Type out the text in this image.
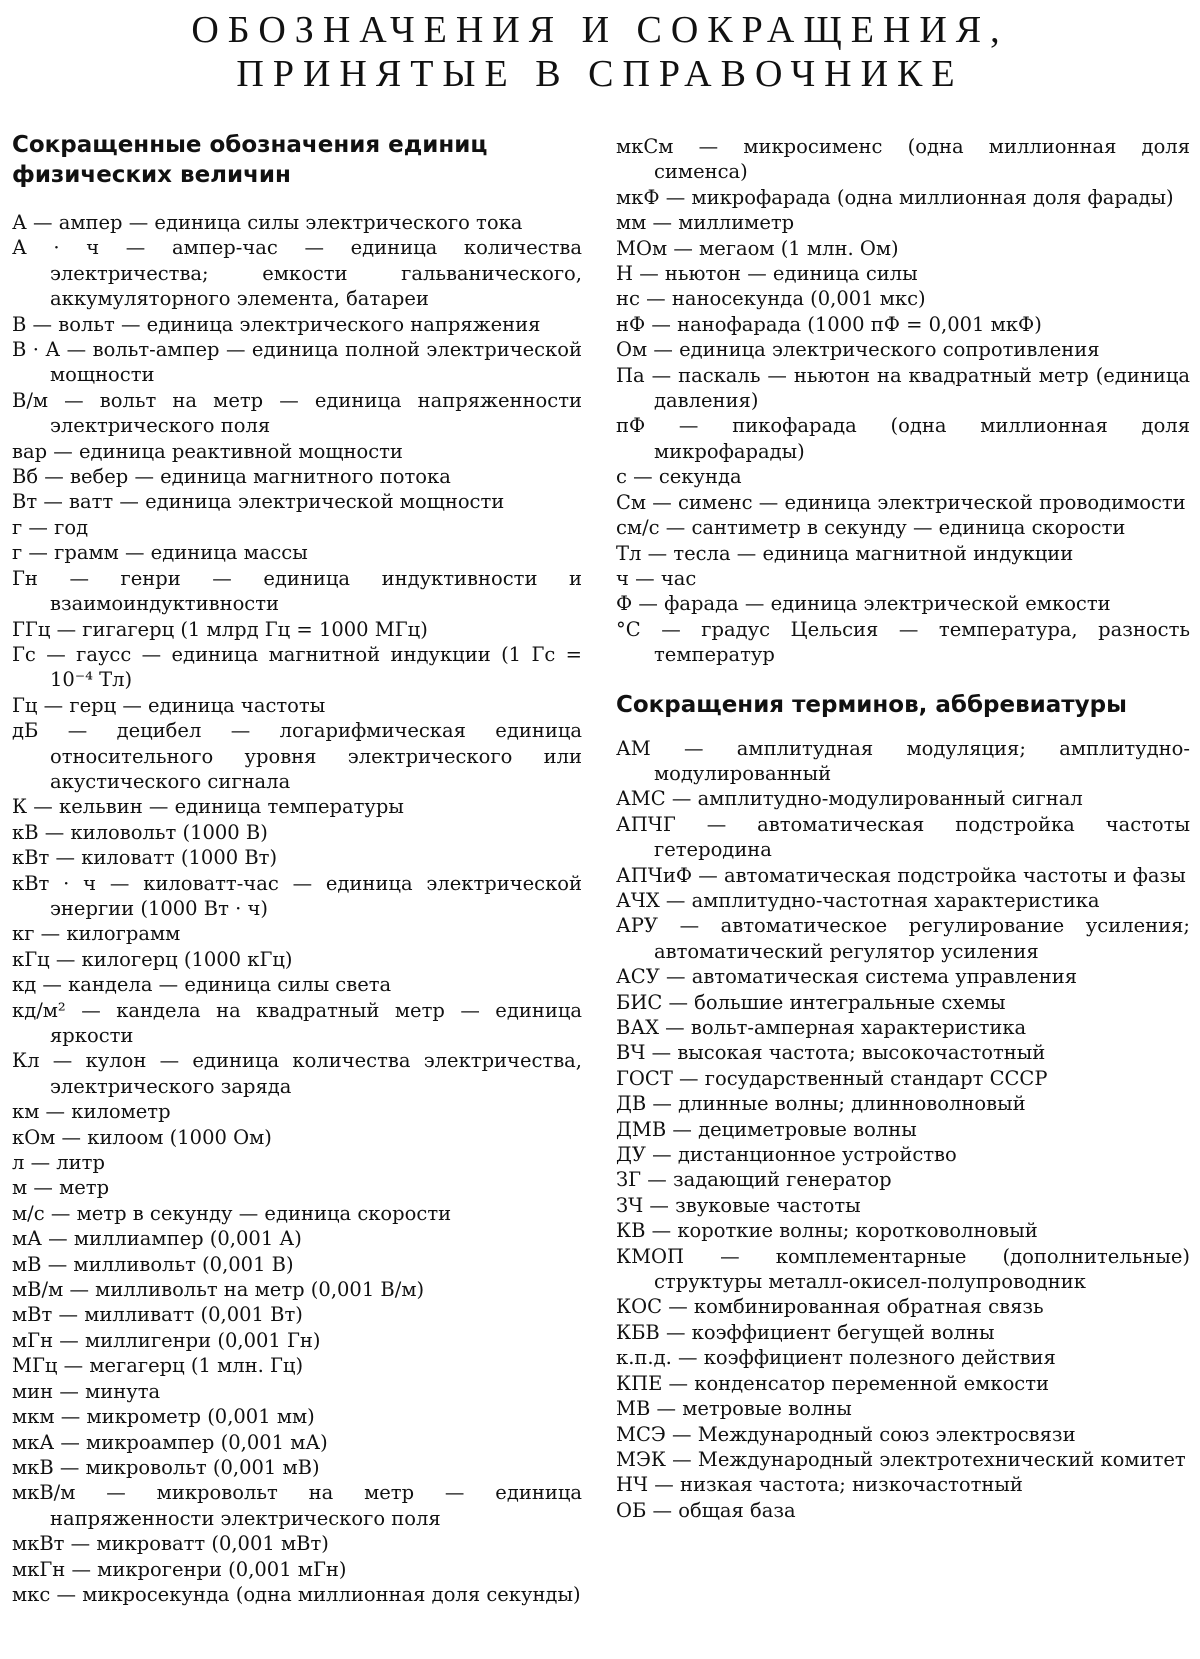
ОБОЗНАЧЕНИЯ И СОКРАЩЕНИЯ,
ПРИНЯТЫЕ В СПРАВОЧНИКЕ
Сокращенные обозначения единиц физических величин

А — ампер — единица силы электрического тока

А · ч — ампер-час — единица количества электричества; емкости гальванического, аккумуляторного элемента, батареи

В — вольт — единица электрического напряжения

В · А — вольт-ампер — единица полной электрической мощности

В/м — вольт на метр — единица напряженности электрического поля

вар — единица реактивной мощности

Вб — вебер — единица магнитного потока

Вт — ватт — единица электрической мощности

г — год

г — грамм — единица массы

Гн — генри — единица индуктивности и взаимоиндуктивности

ГГц — гигагерц (1 млрд Гц = 1000 МГц)

Гс — гаусс — единица магнитной индукции (1 Гс = 10⁻⁴ Тл)

Гц — герц — единица частоты

дБ — децибел — логарифмическая единица относительного уровня электрического или акустического сигнала

К — кельвин — единица температуры

кВ — киловольт (1000 В)

кВт — киловатт (1000 Вт)

кВт · ч — киловатт-час — единица электрической энергии (1000 Вт · ч)

кг — килограмм

кГц — килогерц (1000 кГц)

кд — кандела — единица силы света

кд/м² — кандела на квадратный метр — единица яркости

Кл — кулон — единица количества электричества, электрического заряда

км — километр

кОм — килоом (1000 Ом)

л — литр

м — метр

м/с — метр в секунду — единица скорости

мА — миллиампер (0,001 А)

мВ — милливольт (0,001 В)

мВ/м — милливольт на метр (0,001 В/м)

мВт — милливатт (0,001 Вт)

мГн — миллигенри (0,001 Гн)

МГц — мегагерц (1 млн. Гц)

мин — минута

мкм — микрометр (0,001 мм)

мкА — микроампер (0,001 мА)

мкВ — микровольт (0,001 мВ)

мкВ/м — микровольт на метр — единица напряженности электрического поля

мкВт — микроватт (0,001 мВт)

мкГн — микрогенри (0,001 мГн)

мкс — микросекунда (одна миллионная доля секунды)

мкСм — микросименс (одна миллионная доля сименса)

мкФ — микрофарада (одна миллионная доля фарады)

мм — миллиметр

МОм — мегаом (1 млн. Ом)

Н — ньютон — единица силы

нс — наносекунда (0,001 мкс)

нФ — нанофарада (1000 пФ = 0,001 мкФ)

Ом — единица электрического сопротивления

Па — паскаль — ньютон на квадратный метр (единица давления)

пФ — пикофарада (одна миллионная доля микрофарады)

с — секунда

См — сименс — единица электрической проводимости

см/с — сантиметр в секунду — единица скорости

Тл — тесла — единица магнитной индукции

ч — час

Ф — фарада — единица электрической емкости

°С — градус Цельсия — температура, разность температур

Сокращения терминов, аббревиатуры

АМ — амплитудная модуляция; амплитудно-модулированный

АМС — амплитудно-модулированный сигнал

АПЧГ — автоматическая подстройка частоты гетеродина

АПЧиФ — автоматическая подстройка частоты и фазы

АЧХ — амплитудно-частотная характеристика

АРУ — автоматическое регулирование усиления; автоматический регулятор усиления

АСУ — автоматическая система управления

БИС — большие интегральные схемы

ВАХ — вольт-амперная характеристика

ВЧ — высокая частота; высокочастотный

ГОСТ — государственный стандарт СССР

ДВ — длинные волны; длинноволновый

ДМВ — дециметровые волны

ДУ — дистанционное устройство

ЗГ — задающий генератор

ЗЧ — звуковые частоты

КВ — короткие волны; коротковолновый

КМОП — комплементарные (дополнительные) структуры металл-окисел-полупроводник

КОС — комбинированная обратная связь

КБВ — коэффициент бегущей волны

к.п.д. — коэффициент полезного действия

КПЕ — конденсатор переменной емкости

МВ — метровые волны

МСЭ — Международный союз электросвязи

МЭК — Международный электротехнический комитет

НЧ — низкая частота; низкочастотный

ОБ — общая база
